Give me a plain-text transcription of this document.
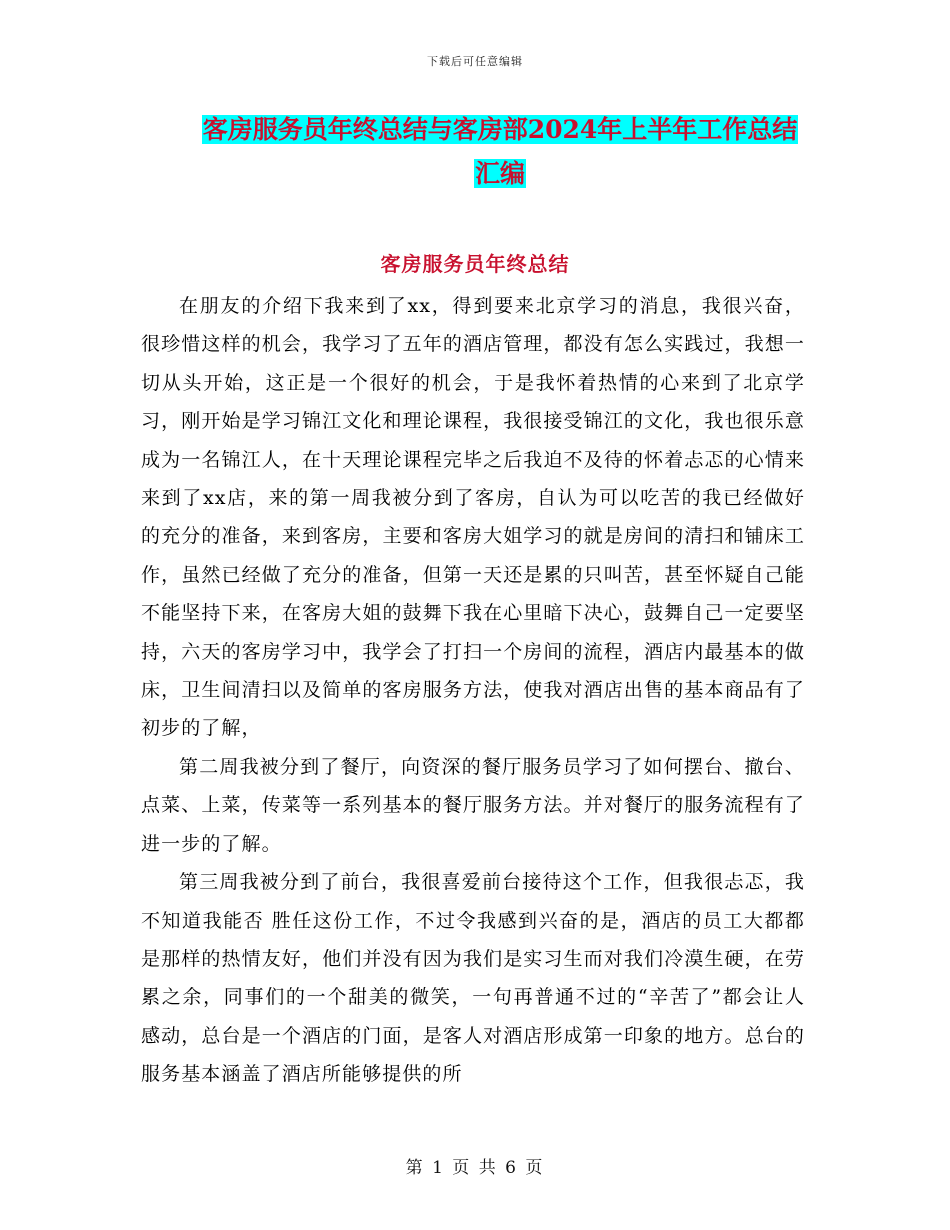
下载后可任意编辑
客房服务员年终总结与客房部2024年上半年工作总结
汇编
客房服务员年终总结

在朋友的介绍下我来到了xx，得到要来北京学习的消息，我很兴奋，很珍惜这样的机会，我学习了五年的酒店管理，都没有怎么实践过，我想一切从头开始，这正是一个很好的机会，于是我怀着热情的心来到了北京学习，刚开始是学习锦江文化和理论课程，我很接受锦江的文化，我也很乐意成为一名锦江人，在十天理论课程完毕之后我迫不及待的怀着忐忑的心情来来到了xx店，来的第一周我被分到了客房，自认为可以吃苦的我已经做好的充分的准备，来到客房，主要和客房大姐学习的就是房间的清扫和铺床工作，虽然已经做了充分的准备，但第一天还是累的只叫苦，甚至怀疑自己能不能坚持下来，在客房大姐的鼓舞下我在心里暗下决心，鼓舞自己一定要坚持，六天的客房学习中，我学会了打扫一个房间的流程，酒店内最基本的做床，卫生间清扫以及简单的客房服务方法，使我对酒店出售的基本商品有了初步的了解，

第二周我被分到了餐厅，向资深的餐厅服务员学习了如何摆台、撤台、点菜、上菜，传菜等一系列基本的餐厅服务方法。并对餐厅的服务流程有了进一步的了解。

第三周我被分到了前台，我很喜爱前台接待这个工作，但我很忐忑，我不知道我能否 胜任这份工作，不过令我感到兴奋的是，酒店的员工大都都是那样的热情友好，他们并没有因为我们是实习生而对我们冷漠生硬，在劳累之余，同事们的一个甜美的微笑，一句再普通不过的“辛苦了”都会让人感动，总台是一个酒店的门面，是客人对酒店形成第一印象的地方。总台的服务基本涵盖了酒店所能够提供的所

第 1 页 共 6 页
